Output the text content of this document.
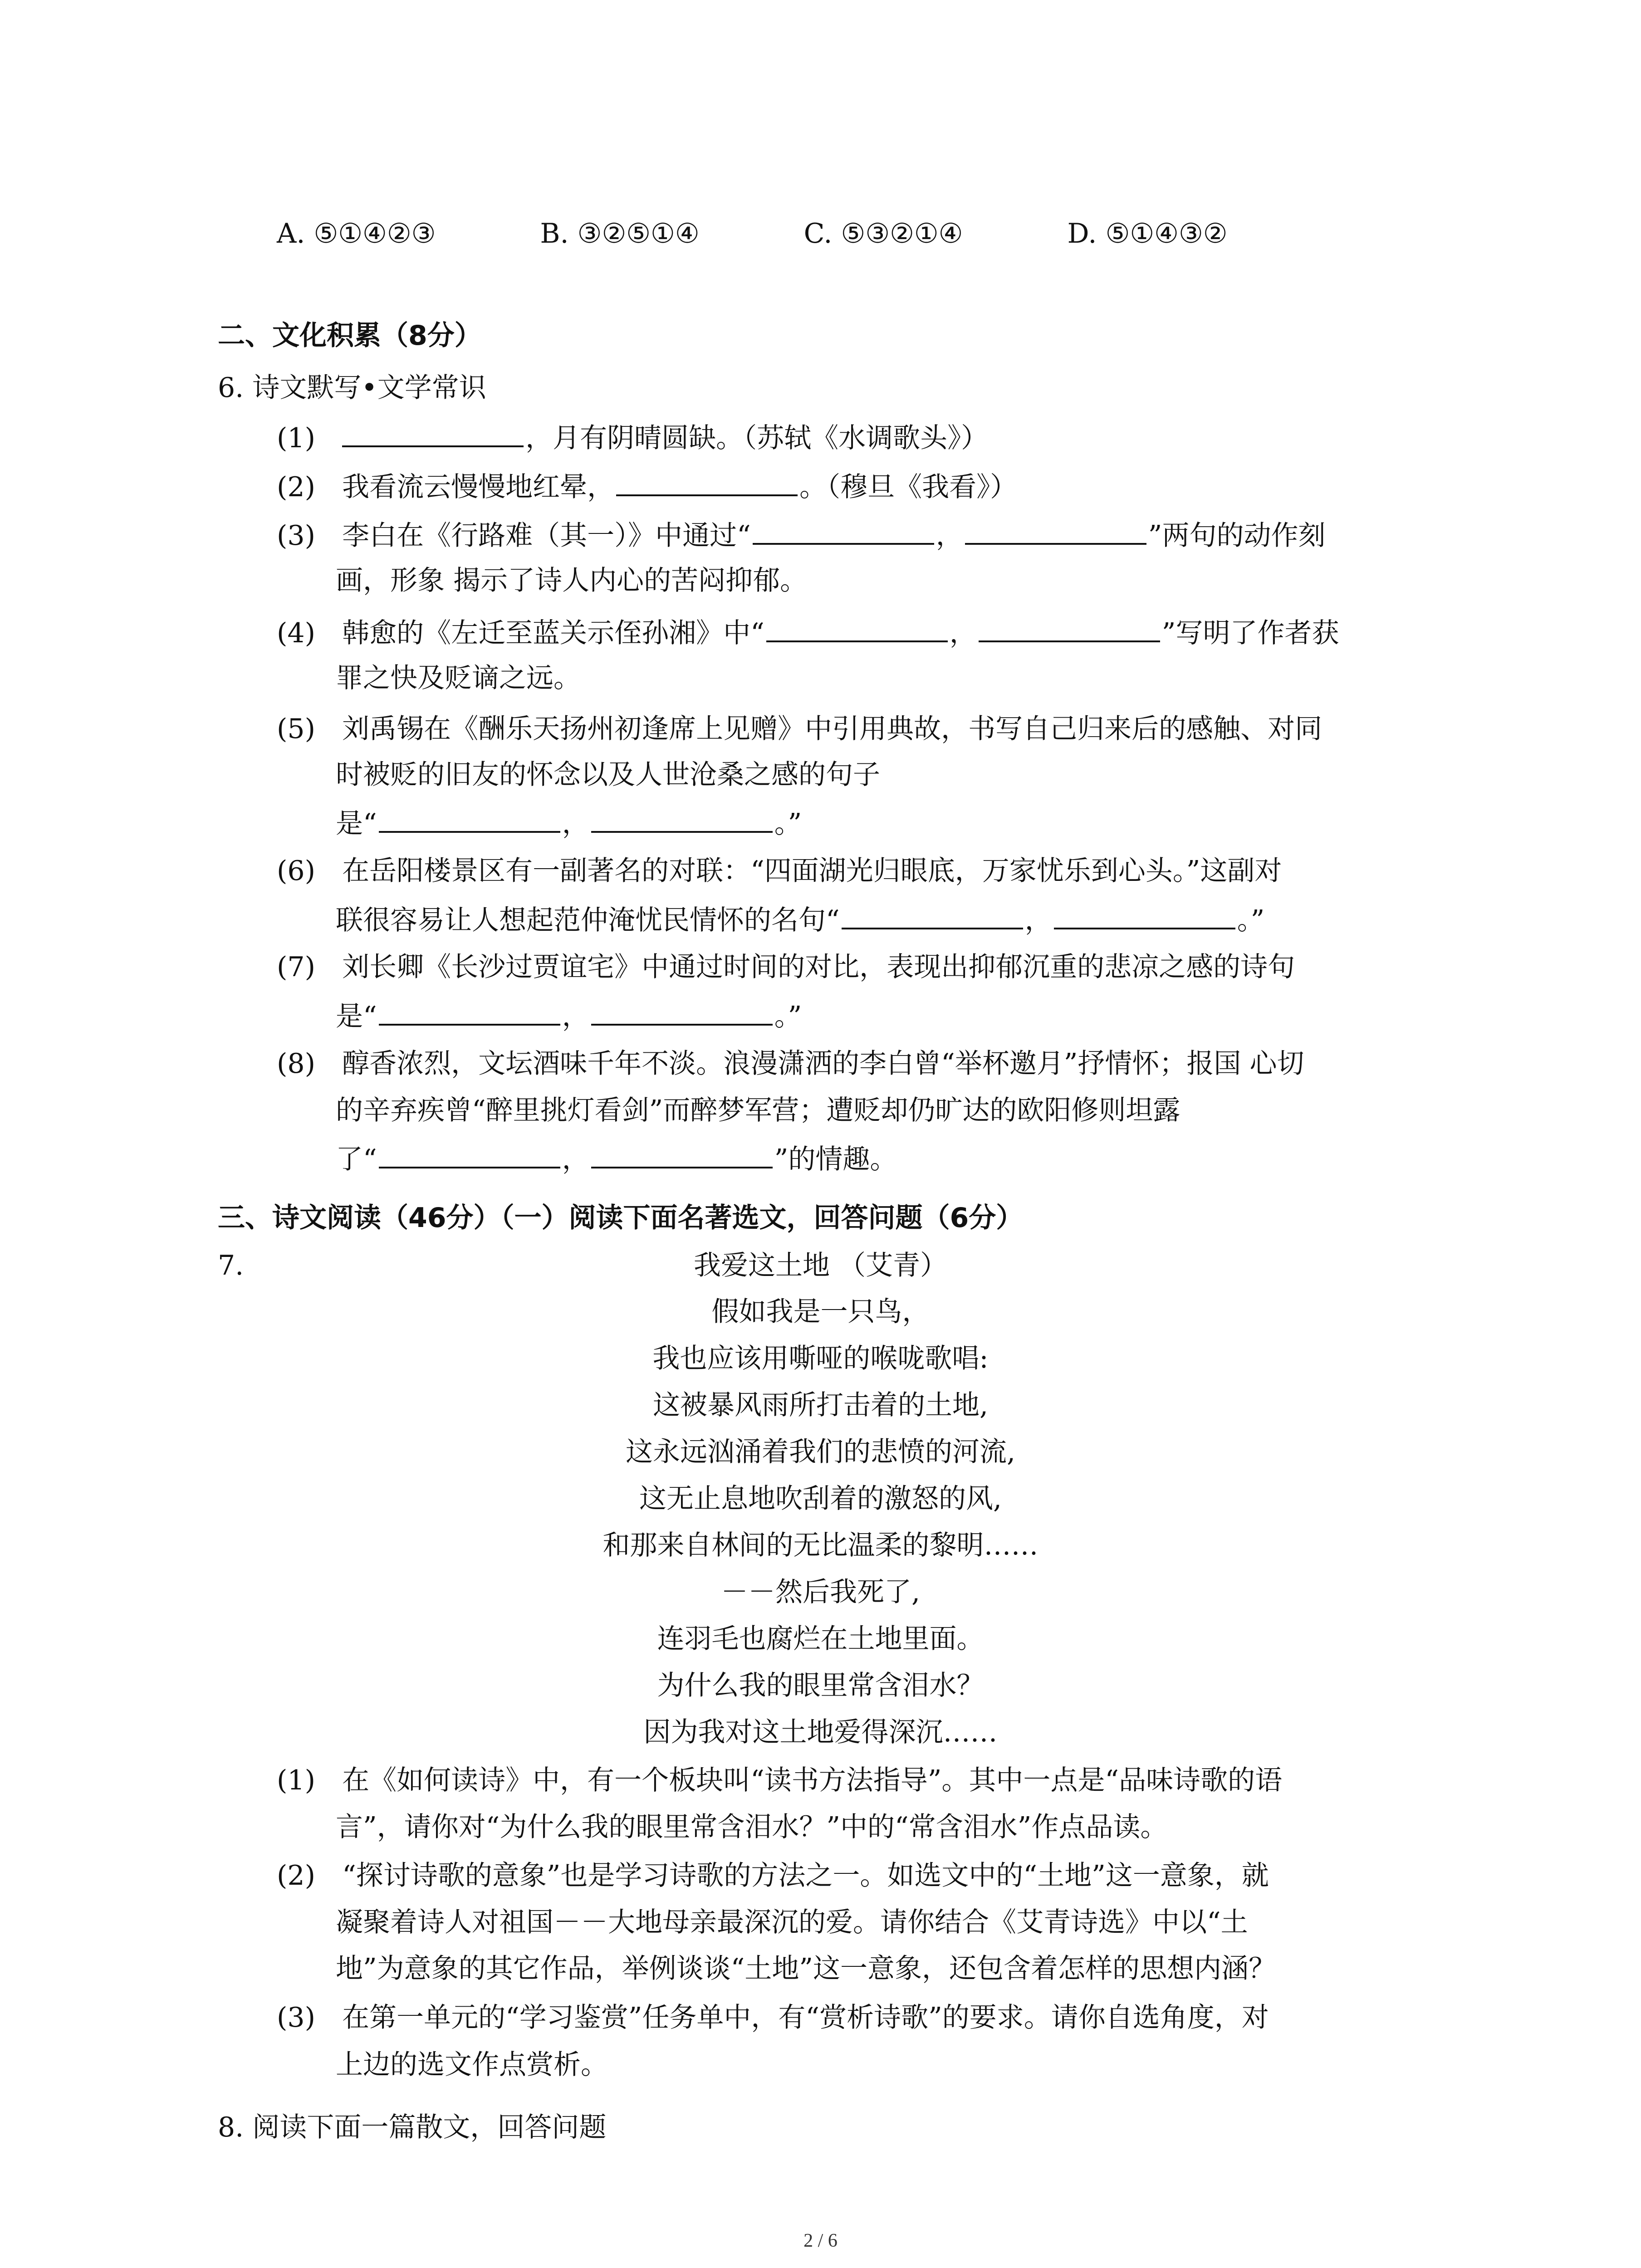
A. ⑤①④②③	B. ③②⑤①④	C. ⑤③②①④	D. ⑤①④③②
二、文化积累（8分）
6. 诗文默写•文学常识
(1)	，月有阴晴圆缺。（苏轼《水调歌头》）
(2) 我看流云慢慢地红晕，	。（穆旦《我看》）
(3) 李白在《行路难（其一）》中通过“	，	”两句的动作刻
画，形象 揭示了诗人内心的苦闷抑郁。
(4) 韩愈的《左迁至蓝关示侄孙湘》中“	，	”写明了作者获
罪之快及贬谪之远。
(5) 刘禹锡在《酬乐天扬州初逢席上见赠》中引用典故，书写自己归来后的感触、对同
时被贬的旧友的怀念以及人世沧桑之感的句子
是“	，	。”
(6) 在岳阳楼景区有一副著名的对联：“四面湖光归眼底，万家忧乐到心头。”这副对
联很容易让人想起范仲淹忧民情怀的名句“	，	。”
(7) 刘长卿《长沙过贾谊宅》中通过时间的对比，表现出抑郁沉重的悲凉之感的诗句
是“	，	。”
(8) 醇香浓烈，文坛酒味千年不淡。浪漫潇洒的李白曾“举杯邀月”抒情怀；报国 心切
的辛弃疾曾“醉里挑灯看剑”而醉梦军营；遭贬却仍旷达的欧阳修则坦露
了“	，	”的情趣。
三、诗文阅读（46分）（一）阅读下面名著选文，回答问题（6分）
7.	我爱这土地 （艾青）
假如我是一只鸟，
我也应该用嘶哑的喉咙歌唱:
这被暴风雨所打击着的土地,
这永远汹涌着我们的悲愤的河流,
这无止息地吹刮着的激怒的风,
和那来自林间的无比温柔的黎明……
－－然后我死了,
连羽毛也腐烂在土地里面。
为什么我的眼里常含泪水？
因为我对这土地爱得深沉……
(1) 在《如何读诗》中，有一个板块叫“读书方法指导”。其中一点是“品味诗歌的语
言”，请你对“为什么我的眼里常含泪水？”中的“常含泪水”作点品读。
(2) “探讨诗歌的意象”也是学习诗歌的方法之一。如选文中的“土地”这一意象，就
凝聚着诗人对祖国－－大地母亲最深沉的爱。请你结合《艾青诗选》中以“土
地”为意象的其它作品，举例谈谈“土地”这一意象，还包含着怎样的思想内涵？
(3) 在第一单元的“学习鉴赏”任务单中，有“赏析诗歌”的要求。请你自选角度，对
上边的选文作点赏析。
8. 阅读下面一篇散文，回答问题
2 / 6
